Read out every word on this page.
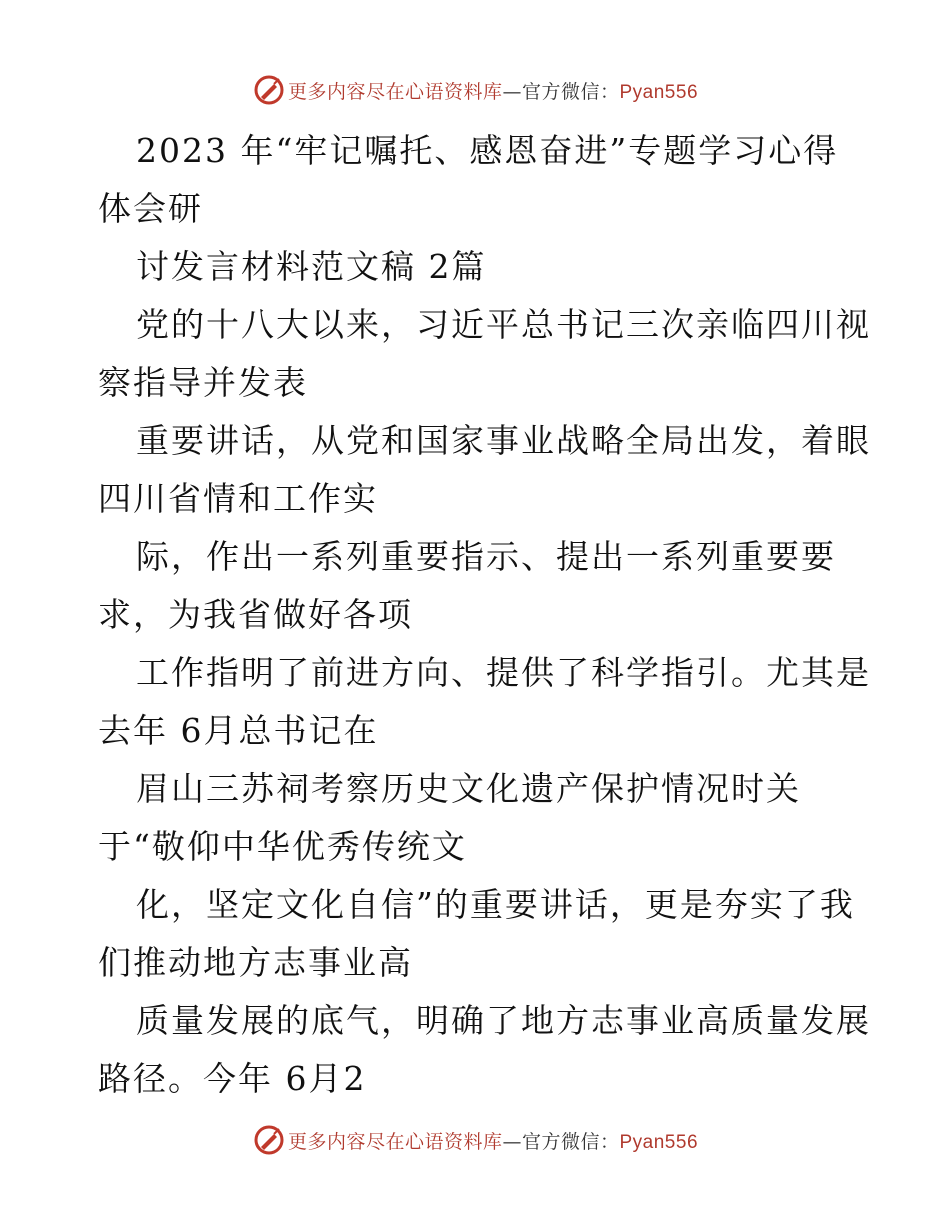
更多内容尽在心语资料库—官方微信：Pyan556
2023 年“牢记嘱托、感恩奋进”专题学习心得
体会研
讨发言材料范文稿 2篇
党的十八大以来，习近平总书记三次亲临四川视
察指导并发表
重要讲话，从党和国家事业战略全局出发，着眼
四川省情和工作实
际，作出一系列重要指示、提出一系列重要要
求，为我省做好各项
工作指明了前进方向、提供了科学指引。尤其是
去年 6月总书记在
眉山三苏祠考察历史文化遗产保护情况时关
于“敬仰中华优秀传统文
化，坚定文化自信”的重要讲话，更是夯实了我
们推动地方志事业高
质量发展的底气，明确了地方志事业高质量发展
路径。今年 6月2
更多内容尽在心语资料库—官方微信：Pyan556
